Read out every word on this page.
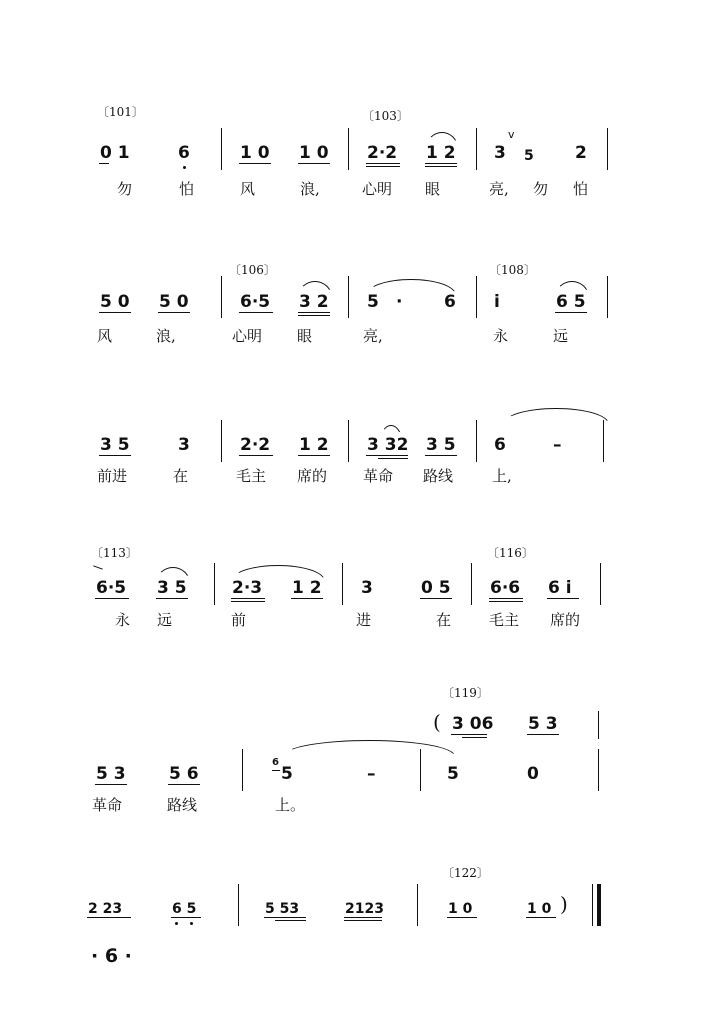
〔101〕	〔103〕
v
0 1	6	1 0 1 0 2·2 1 2 3 5 2
勿	怕	风	浪,	心明 眼	亮, 勿 怕
〔106〕	〔108〕
5 0 5 0	6·5 3 2 5 · 6 i	6 5
风	浪,	心明 眼	亮,	永	远
3 5	3	2·2 1 2 3 32 3 5 6	–
前进	在	毛主 席的 革命 路线	上,
〔113〕	〔116〕
6·5 3 5	2·3 1 2 3	0 5 6·6 6 i
永 远	前	进	在	毛主 席的
〔119〕
( 3 06 5 3
5 3	5 6
6
5	–	5	0
革命	路线	上。
〔122〕
2 23	6 5	5 53	2123	1 0	1 0 )
· 6 ·
